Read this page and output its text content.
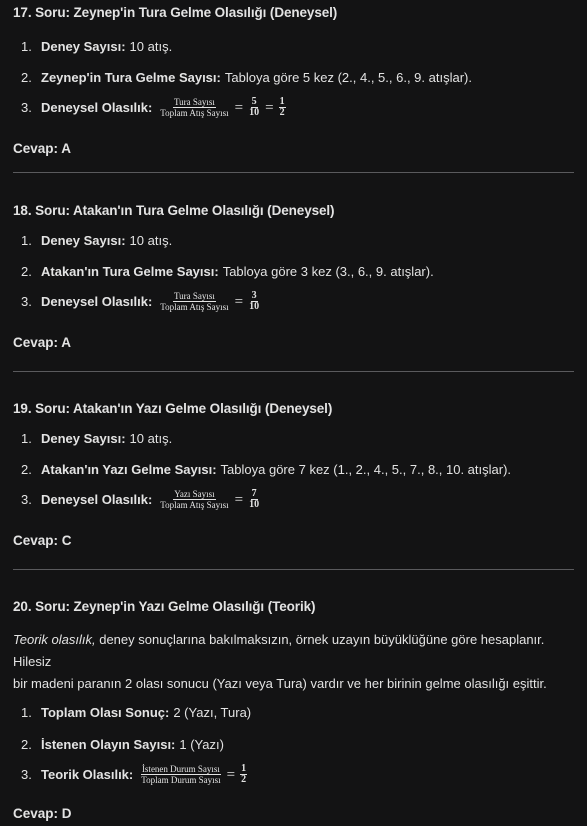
17. Soru: Zeynep'in Tura Gelme Olasılığı (Deneysel)

1. Deney Sayısı: 10 atış.
2. Zeynep'in Tura Gelme Sayısı: Tabloya göre 5 kez (2., 4., 5., 6., 9. atışlar).
3. Deneysel Olasılık: $\frac{\text{Tura Sayısı}}{\text{Toplam Atış Sayısı}} = \frac{5}{10} = \frac{1}{2}$
Cevap: A

18. Soru: Atakan'ın Tura Gelme Olasılığı (Deneysel)

1. Deney Sayısı: 10 atış.
2. Atakan'ın Tura Gelme Sayısı: Tabloya göre 3 kez (3., 6., 9. atışlar).
3. Deneysel Olasılık: $\frac{\text{Tura Sayısı}}{\text{Toplam Atış Sayısı}} = \frac{3}{10}$
Cevap: A

19. Soru: Atakan'ın Yazı Gelme Olasılığı (Deneysel)

1. Deney Sayısı: 10 atış.
2. Atakan'ın Yazı Gelme Sayısı: Tabloya göre 7 kez (1., 2., 4., 5., 7., 8., 10. atışlar).
3. Deneysel Olasılık: $\frac{\text{Yazı Sayısı}}{\text{Toplam Atış Sayısı}} = \frac{7}{10}$
Cevap: C

20. Soru: Zeynep'in Yazı Gelme Olasılığı (Teorik)

Teorik olasılık, deney sonuçlarına bakılmaksızın, örnek uzayın büyüklüğüne göre hesaplanır. Hilesiz
bir madeni paranın 2 olası sonucu (Yazı veya Tura) vardır ve her birinin gelme olasılığı eşittir.

1. Toplam Olası Sonuç: 2 (Yazı, Tura)
2. İstenen Olayın Sayısı: 1 (Yazı)
3. Teorik Olasılık: $\frac{\text{İstenen Durum Sayısı}}{\text{Toplam Durum Sayısı}} = \frac{1}{2}$
Cevap: D
